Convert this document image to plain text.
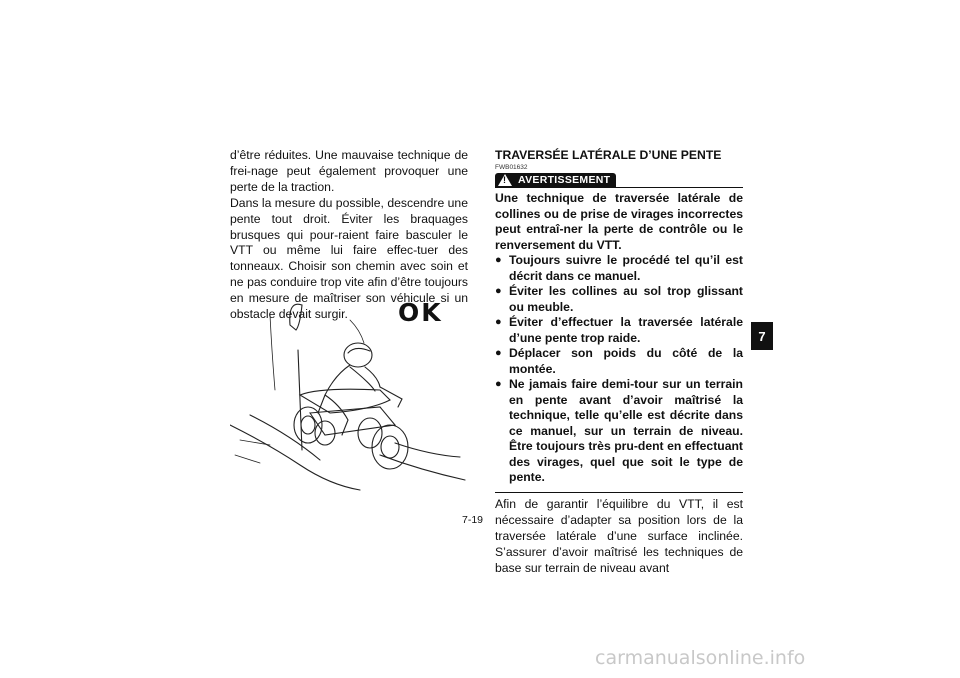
d’être réduites. Une mauvaise technique de frei-nage peut également provoquer une perte de la traction.

Dans la mesure du possible, descendre une pente tout droit. Éviter les braquages brusques qui pour-raient faire basculer le VTT ou même lui faire effec-tuer des tonneaux. Choisir son chemin avec soin et ne pas conduire trop vite afin d’être toujours en mesure de maîtriser son véhicule si un obstacle devait surgir.	OK

TRAVERSÉE LATÉRALE D’UNE PENTE

FWB01632

!
AVERTISSEMENT

Une technique de traversée latérale de collines ou de prise de virages incorrectes peut entraî-ner la perte de contrôle ou le renversement du VTT.

● Toujours suivre le procédé tel qu’il est décrit dans ce manuel.
● Éviter les collines au sol trop glissant ou meuble.
● Éviter d’effectuer la traversée latérale d’une pente trop raide.
● Déplacer son poids du côté de la montée.
● Ne jamais faire demi-tour sur un terrain en pente avant d’avoir maîtrisé la technique, telle qu’elle est décrite dans ce manuel, sur un terrain de niveau. Être toujours très pru-dent en effectuant des virages, quel que soit le type de pente.

Afin de garantir l’équilibre du VTT, il est nécessaire d’adapter sa position lors de la traversée latérale d’une surface inclinée. S’assurer d’avoir maîtrisé les techniques de base sur terrain de niveau avant

7
7-19
carmanualsonline.info
